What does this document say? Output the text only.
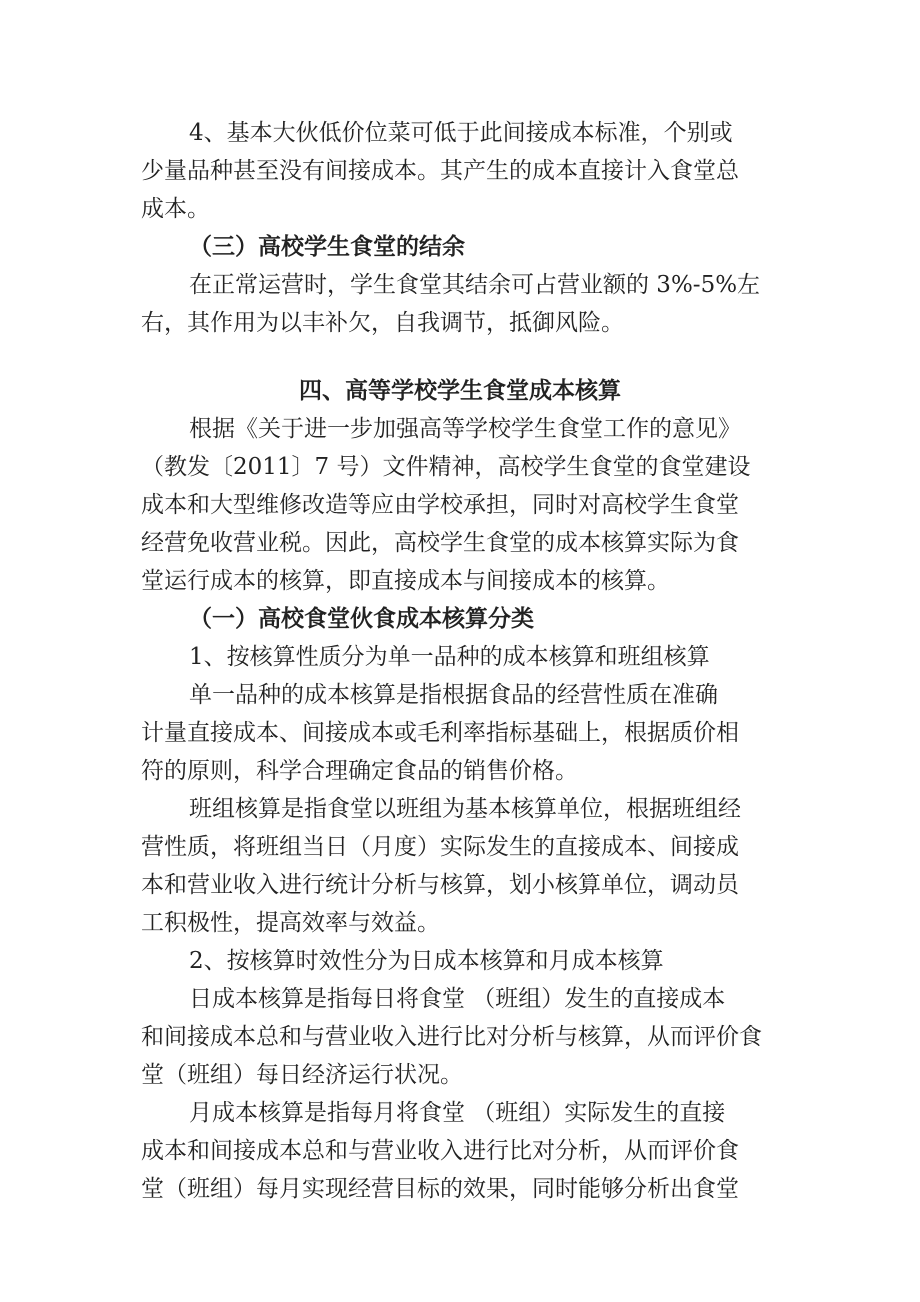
4、基本大伙低价位菜可低于此间接成本标准，个别或
少量品种甚至没有间接成本。其产生的成本直接计入食堂总
成本。
（三）高校学生食堂的结余
在正常运营时，学生食堂其结余可占营业额的 3%-5%左
右，其作用为以丰补欠，自我调节，抵御风险。
四、高等学校学生食堂成本核算
根据《关于进一步加强高等学校学生食堂工作的意见》
（教发〔2011〕7 号）文件精神，高校学生食堂的食堂建设
成本和大型维修改造等应由学校承担，同时对高校学生食堂
经营免收营业税。因此，高校学生食堂的成本核算实际为食
堂运行成本的核算，即直接成本与间接成本的核算。
（一）高校食堂伙食成本核算分类
1、按核算性质分为单一品种的成本核算和班组核算
单一品种的成本核算是指根据食品的经营性质在准确
计量直接成本、间接成本或毛利率指标基础上，根据质价相
符的原则，科学合理确定食品的销售价格。
班组核算是指食堂以班组为基本核算单位，根据班组经
营性质，将班组当日（月度）实际发生的直接成本、间接成
本和营业收入进行统计分析与核算，划小核算单位，调动员
工积极性，提高效率与效益。
2、按核算时效性分为日成本核算和月成本核算
日成本核算是指每日将食堂 （班组）发生的直接成本
和间接成本总和与营业收入进行比对分析与核算，从而评价食
堂（班组）每日经济运行状况。
月成本核算是指每月将食堂 （班组）实际发生的直接
成本和间接成本总和与营业收入进行比对分析，从而评价食
堂（班组）每月实现经营目标的效果，同时能够分析出食堂
